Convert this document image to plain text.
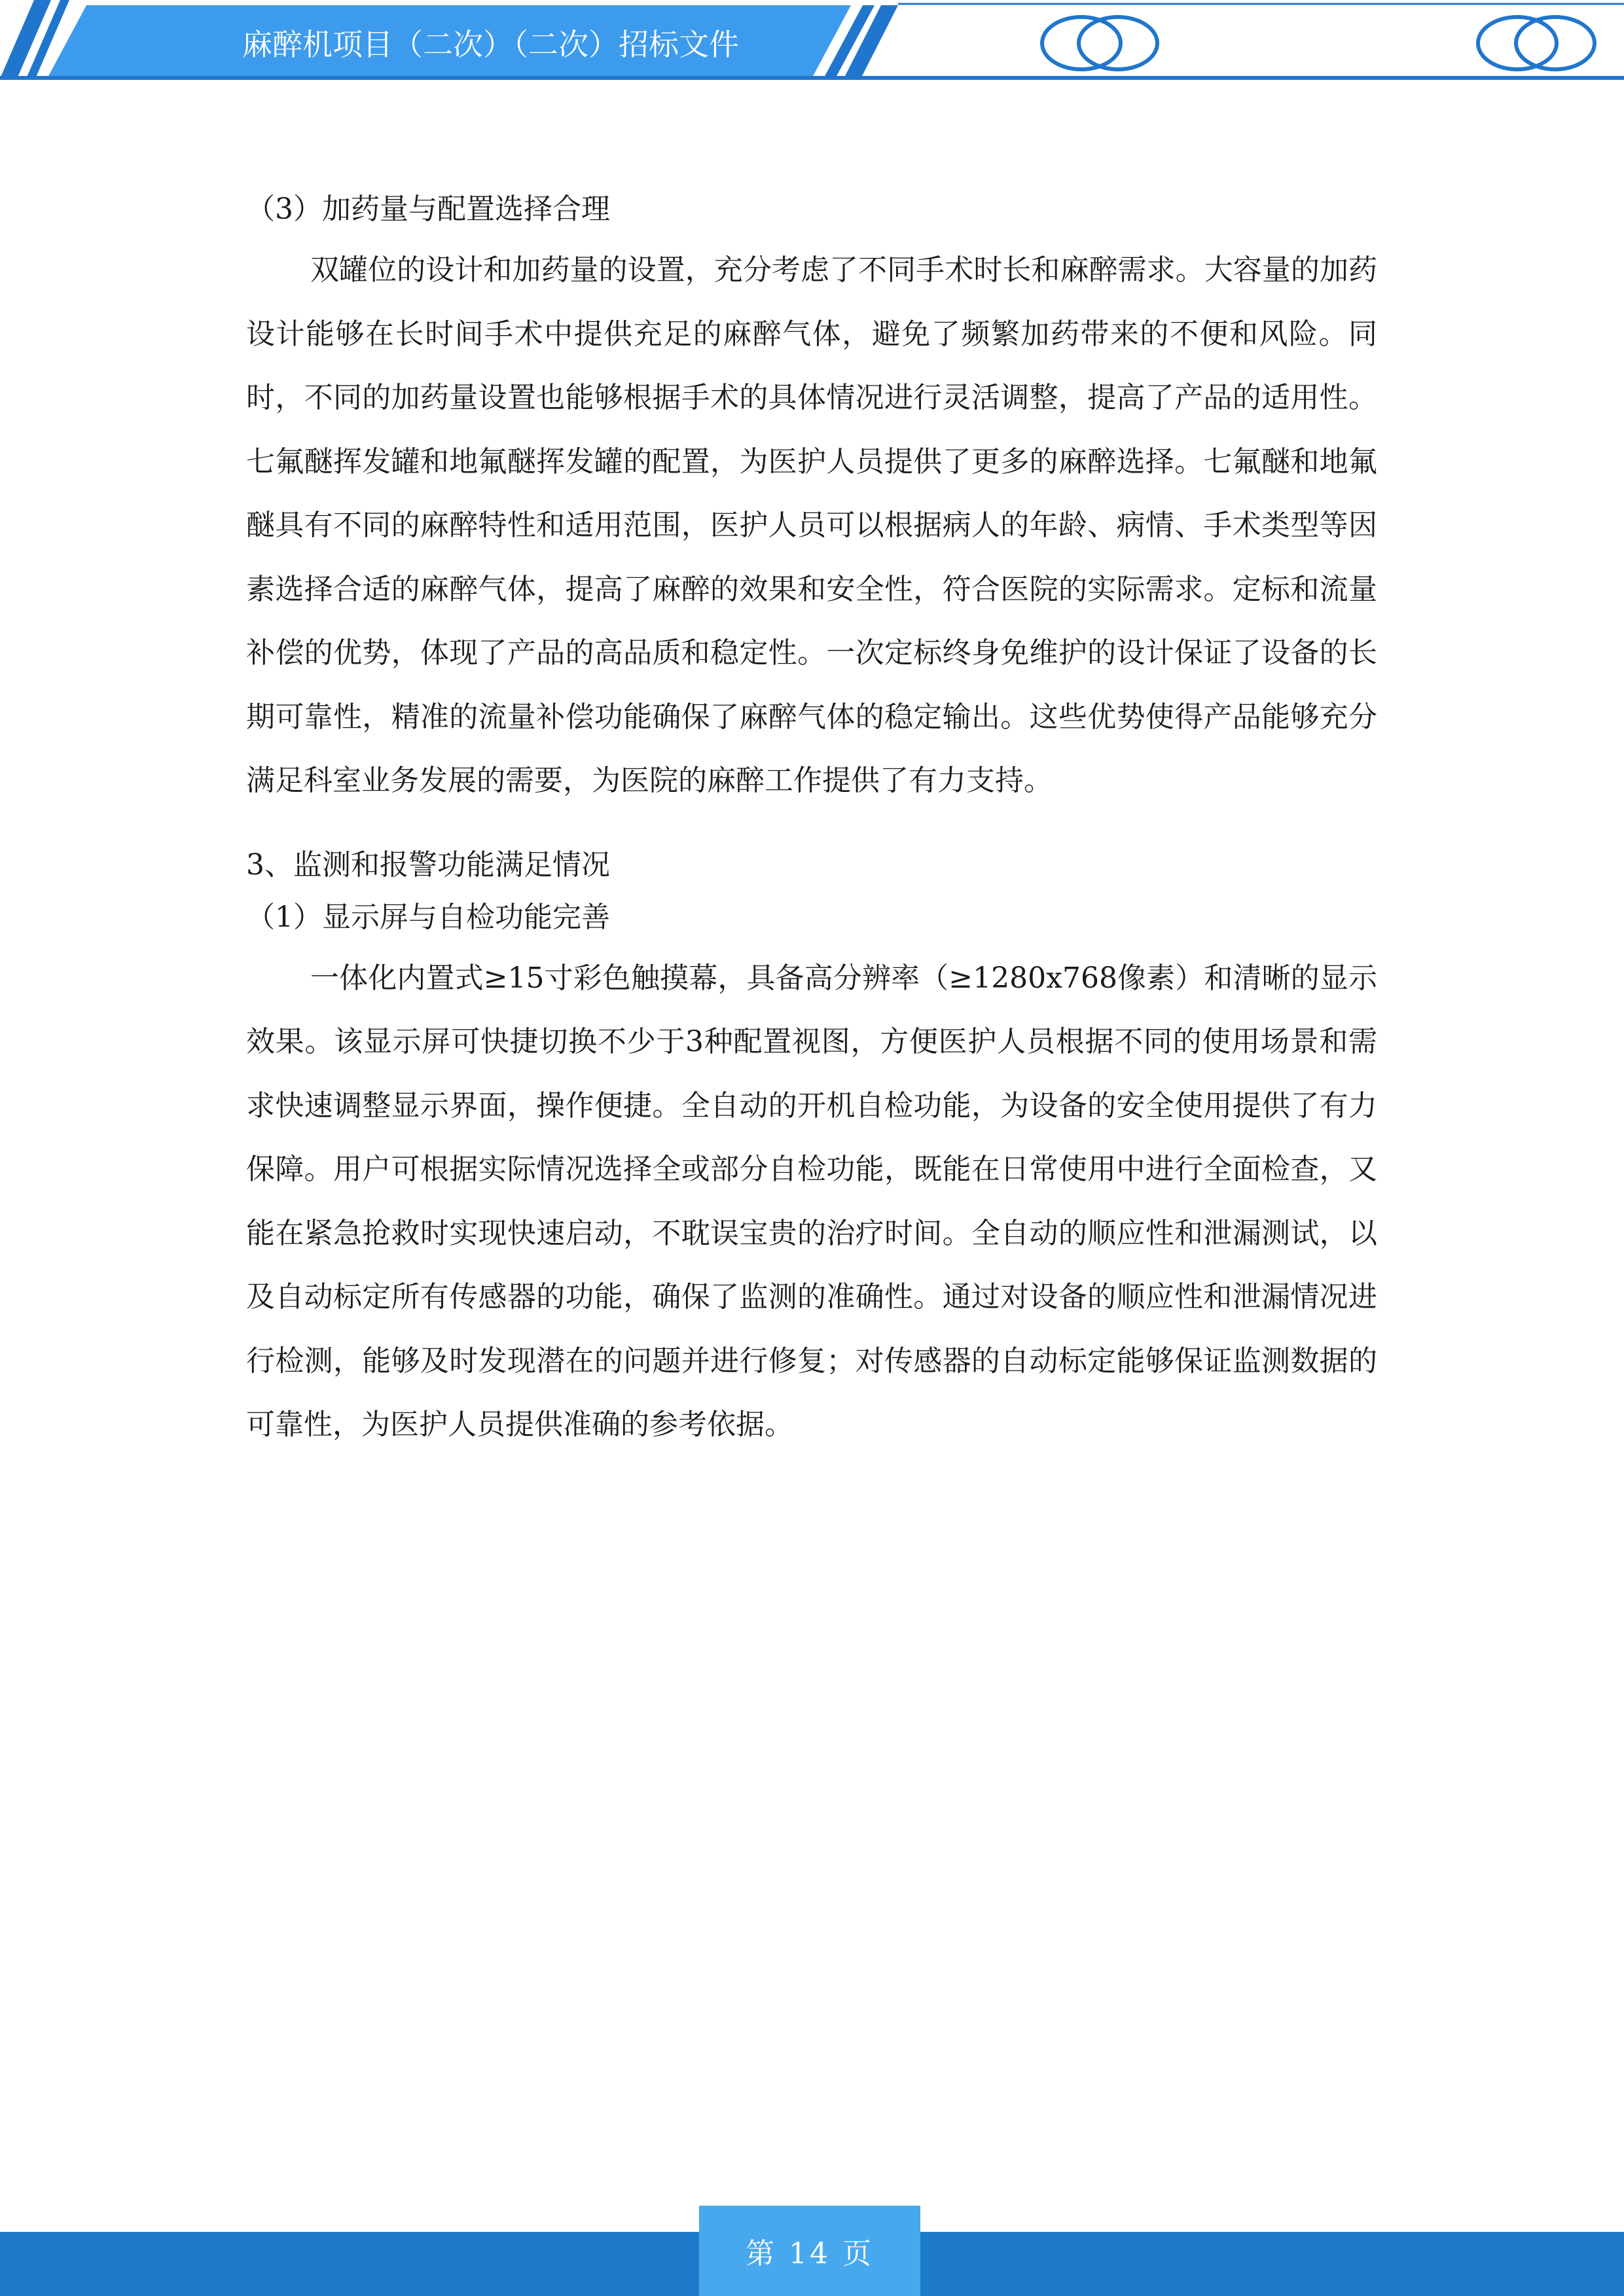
麻醉机项目（二次）（二次）招标文件

（3）加药量与配置选择合理

双罐位的设计和加药量的设置，充分考虑了不同手术时长和麻醉需求。大容量的加药设计能够在长时间手术中提供充足的麻醉气体，避免了频繁加药带来的不便和风险。同时，不同的加药量设置也能够根据手术的具体情况进行灵活调整，提高了产品的适用性。七氟醚挥发罐和地氟醚挥发罐的配置，为医护人员提供了更多的麻醉选择。七氟醚和地氟醚具有不同的麻醉特性和适用范围，医护人员可以根据病人的年龄、病情、手术类型等因素选择合适的麻醉气体，提高了麻醉的效果和安全性，符合医院的实际需求。定标和流量补偿的优势，体现了产品的高品质和稳定性。一次定标终身免维护的设计保证了设备的长期可靠性，精准的流量补偿功能确保了麻醉气体的稳定输出。这些优势使得产品能够充分满足科室业务发展的需要，为医院的麻醉工作提供了有力支持。

3、监测和报警功能满足情况

（1）显示屏与自检功能完善

一体化内置式≥15寸彩色触摸幕，具备高分辨率（≥1280x768像素）和清晰的显示效果。该显示屏可快捷切换不少于3种配置视图，方便医护人员根据不同的使用场景和需求快速调整显示界面，操作便捷。全自动的开机自检功能，为设备的安全使用提供了有力保障。用户可根据实际情况选择全或部分自检功能，既能在日常使用中进行全面检查，又能在紧急抢救时实现快速启动，不耽误宝贵的治疗时间。全自动的顺应性和泄漏测试，以及自动标定所有传感器的功能，确保了监测的准确性。通过对设备的顺应性和泄漏情况进行检测，能够及时发现潜在的问题并进行修复；对传感器的自动标定能够保证监测数据的可靠性，为医护人员提供准确的参考依据。

第 14 页
